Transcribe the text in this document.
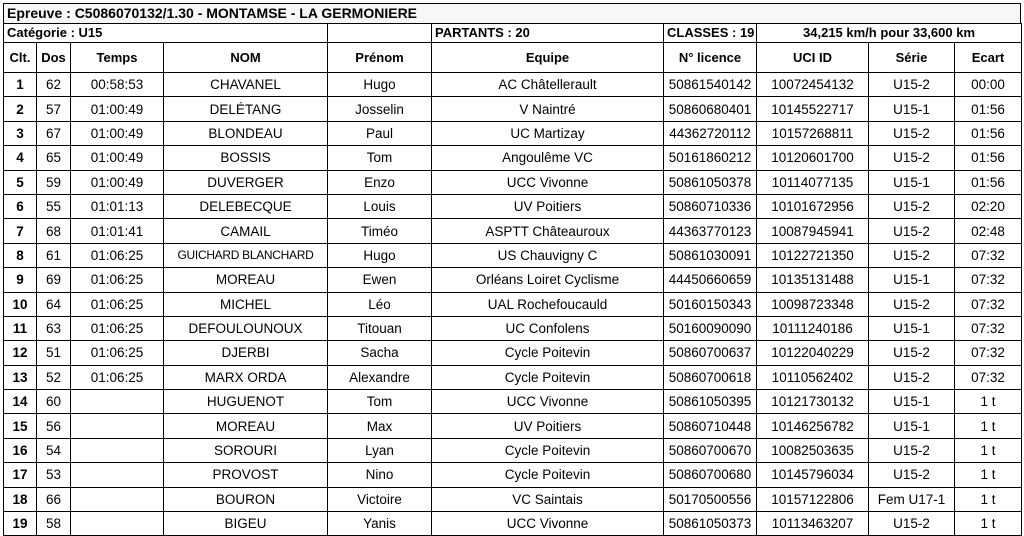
Epreuve : C5086070132/1.30 - MONTAMSE - LA GERMONIERE
Catégorie : U15					PARTANTS : 20	CLASSES : 19	34,215 km/h pour 33,600 km		
Clt.	Dos	Temps	NOM	Prénom	Equipe	N° licence	UCI ID	Série	Ecart
1	62	00:58:53	CHAVANEL	Hugo	AC Châtellerault	50861540142	10072454132	U15-2	00:00
2	57	01:00:49	DELÉTANG	Josselin	V Naintré	50860680401	10145522717	U15-1	01:56
3	67	01:00:49	BLONDEAU	Paul	UC Martizay	44362720112	10157268811	U15-2	01:56
4	65	01:00:49	BOSSIS	Tom	Angoulême VC	50161860212	10120601700	U15-2	01:56
5	59	01:00:49	DUVERGER	Enzo	UCC Vivonne	50861050378	10114077135	U15-1	01:56
6	55	01:01:13	DELEBECQUE	Louis	UV Poitiers	50860710336	10101672956	U15-2	02:20
7	68	01:01:41	CAMAIL	Timéo	ASPTT Châteauroux	44363770123	10087945941	U15-2	02:48
8	61	01:06:25	GUICHARD BLANCHARD	Hugo	US Chauvigny C	50861030091	10122721350	U15-2	07:32
9	69	01:06:25	MOREAU	Ewen	Orléans Loiret Cyclisme	44450660659	10135131488	U15-1	07:32
10	64	01:06:25	MICHEL	Léo	UAL Rochefoucauld	50160150343	10098723348	U15-2	07:32
11	63	01:06:25	DEFOULOUNOUX	Titouan	UC Confolens	50160090090	10111240186	U15-1	07:32
12	51	01:06:25	DJERBI	Sacha	Cycle Poitevin	50860700637	10122040229	U15-2	07:32
13	52	01:06:25	MARX ORDA	Alexandre	Cycle Poitevin	50860700618	10110562402	U15-2	07:32
14	60		HUGUENOT	Tom	UCC Vivonne	50861050395	10121730132	U15-1	1 t
15	56		MOREAU	Max	UV Poitiers	50860710448	10146256782	U15-1	1 t
16	54		SOROURI	Lyan	Cycle Poitevin	50860700670	10082503635	U15-2	1 t
17	53		PROVOST	Nino	Cycle Poitevin	50860700680	10145796034	U15-2	1 t
18	66		BOURON	Victoire	VC Saintais	50170500556	10157122806	Fem U17-1	1 t
19	58		BIGEU	Yanis	UCC Vivonne	50861050373	10113463207	U15-2	1 t
